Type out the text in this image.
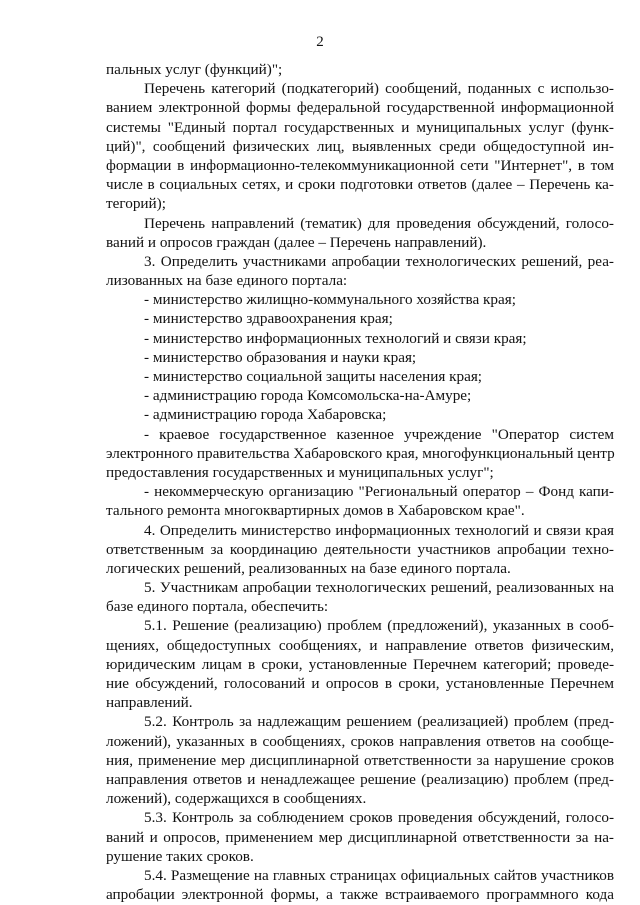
2
пальных услуг (функций)";
Перечень категорий (подкатегорий) сообщений, поданных с использо-
ванием электронной формы федеральной государственной информационной
системы "Единый портал государственных и муниципальных услуг (функ-
ций)", сообщений физических лиц, выявленных среди общедоступной ин-
формации в информационно-телекоммуникационной сети "Интернет", в том
числе в социальных сетях, и сроки подготовки ответов (далее – Перечень ка-
тегорий);
Перечень направлений (тематик) для проведения обсуждений, голосо-
ваний и опросов граждан (далее – Перечень направлений).
3. Определить участниками апробации технологических решений, реа-
лизованных на базе единого портала:
- министерство жилищно-коммунального хозяйства края;
- министерство здравоохранения края;
- министерство информационных технологий и связи края;
- министерство образования и науки края;
- министерство социальной защиты населения края;
- администрацию города Комсомольска-на-Амуре;
- администрацию города Хабаровска;
- краевое государственное казенное учреждение "Оператор систем
электронного правительства Хабаровского края, многофункциональный центр
предоставления государственных и муниципальных услуг";
- некоммерческую организацию "Региональный оператор – Фонд капи-
тального ремонта многоквартирных домов в Хабаровском крае".
4. Определить министерство информационных технологий и связи края
ответственным за координацию деятельности участников апробации техно-
логических решений, реализованных на базе единого портала.
5. Участникам апробации технологических решений, реализованных на
базе единого портала, обеспечить:
5.1. Решение (реализацию) проблем (предложений), указанных в сооб-
щениях, общедоступных сообщениях, и направление ответов физическим,
юридическим лицам в сроки, установленные Перечнем категорий; проведе-
ние обсуждений, голосований и опросов в сроки, установленные Перечнем
направлений.
5.2. Контроль за надлежащим решением (реализацией) проблем (пред-
ложений), указанных в сообщениях, сроков направления ответов на сообще-
ния, применение мер дисциплинарной ответственности за нарушение сроков
направления ответов и ненадлежащее решение (реализацию) проблем (пред-
ложений), содержащихся в сообщениях.
5.3. Контроль за соблюдением сроков проведения обсуждений, голосо-
ваний и опросов, применением мер дисциплинарной ответственности за на-
рушение таких сроков.
5.4. Размещение на главных страницах официальных сайтов участников
апробации электронной формы, а также встраиваемого программного кода
